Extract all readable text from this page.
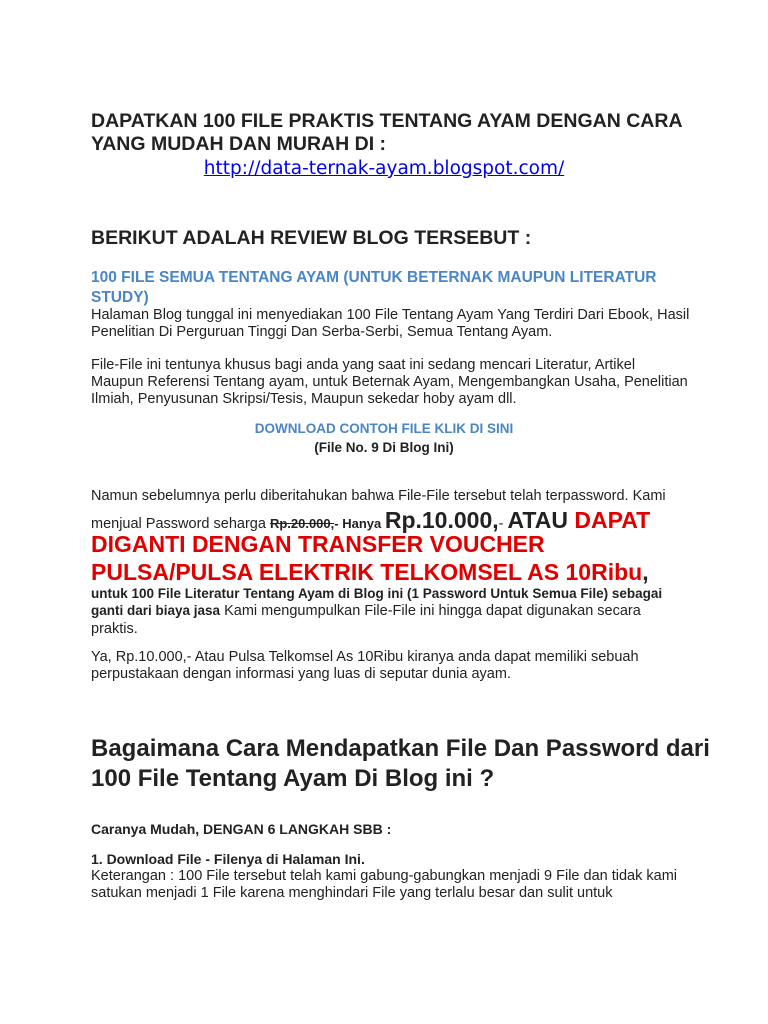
DAPATKAN 100 FILE PRAKTIS TENTANG AYAM DENGAN CARA YANG MUDAH DAN MURAH DI :
http://data-ternak-ayam.blogspot.com/
BERIKUT ADALAH REVIEW BLOG TERSEBUT :
100 FILE SEMUA TENTANG AYAM (UNTUK BETERNAK MAUPUN LITERATUR STUDY)

Halaman Blog tunggal ini menyediakan 100 File Tentang Ayam Yang Terdiri Dari Ebook, Hasil Penelitian Di Perguruan Tinggi Dan Serba-Serbi, Semua Tentang Ayam.

File-File ini tentunya khusus bagi anda yang saat ini sedang mencari Literatur, Artikel Maupun Referensi Tentang ayam, untuk Beternak Ayam, Mengembangkan Usaha, Penelitian Ilmiah, Penyusunan Skripsi/Tesis, Maupun sekedar hoby ayam dll.

DOWNLOAD CONTOH FILE KLIK DI SINI
(File No. 9 Di Blog Ini)
Namun sebelumnya perlu diberitahukan bahwa File-File tersebut telah terpassword. Kami
menjual Password seharga Rp.20.000,- Hanya Rp.10.000,- ATAU DAPAT
DIGANTI DENGAN TRANSFER VOUCHER PULSA/PULSA ELEKTRIK TELKOMSEL AS 10Ribu,

untuk 100 File Literatur Tentang Ayam di Blog ini (1 Password Untuk Semua File) sebagai ganti dari biaya jasa Kami mengumpulkan File-File ini hingga dapat digunakan secara praktis.

Ya, Rp.10.000,- Atau Pulsa Telkomsel As 10Ribu kiranya anda dapat memiliki sebuah perpustakaan dengan informasi yang luas di seputar dunia ayam.

Bagaimana Cara Mendapatkan File Dan Password dari 100 File Tentang Ayam Di Blog ini ?
Caranya Mudah, DENGAN 6 LANGKAH SBB :
1. Download File - Filenya di Halaman Ini.

Keterangan : 100 File tersebut telah kami gabung-gabungkan menjadi 9 File dan tidak kami satukan menjadi 1 File karena menghindari File yang terlalu besar dan sulit untuk
